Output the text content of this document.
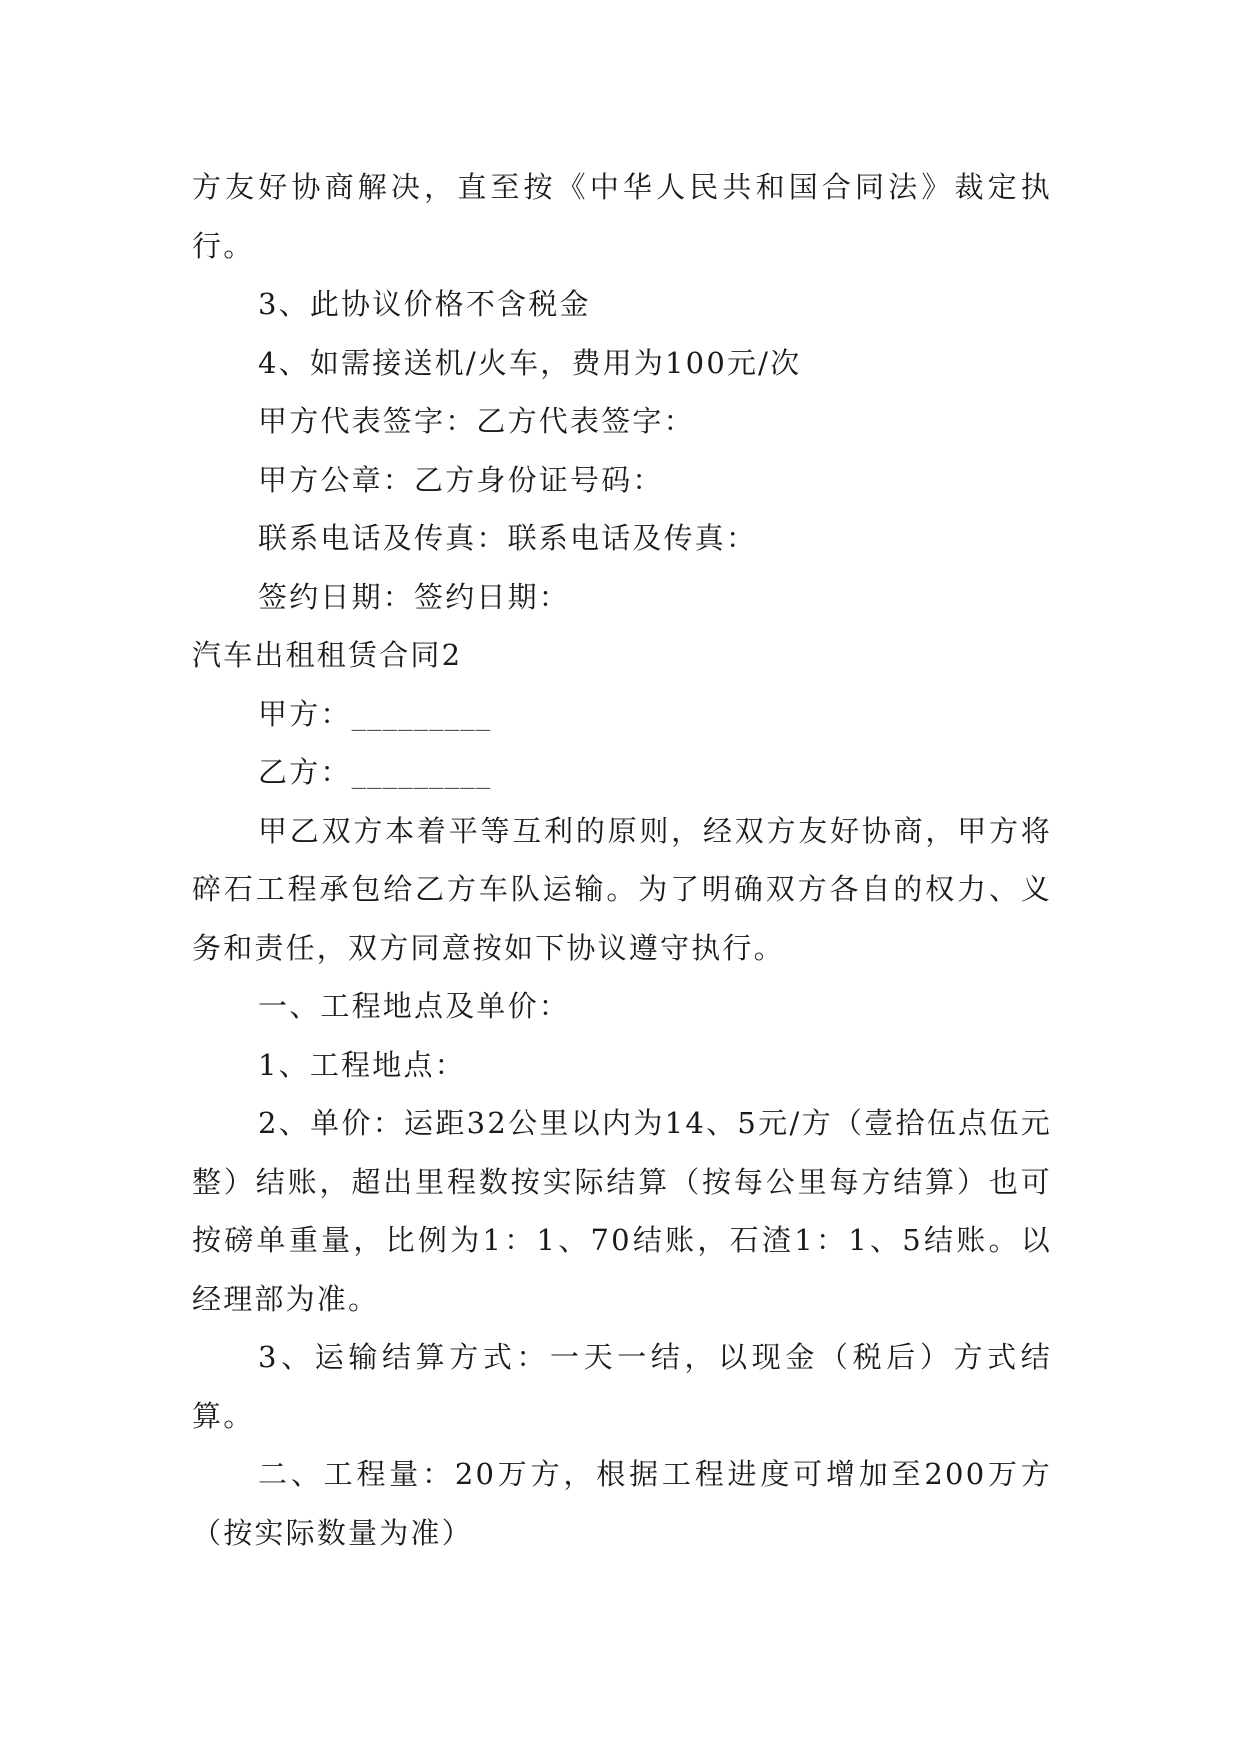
方友好协商解决，直至按《中华人民共和国合同法》裁定执行。

3、此协议价格不含税金

4、如需接送机/火车，费用为100元/次

甲方代表签字：乙方代表签字：

甲方公章：乙方身份证号码：

联系电话及传真：联系电话及传真：

签约日期：签约日期：

汽车出租租赁合同2

甲方：_________

乙方：_________

甲乙双方本着平等互利的原则，经双方友好协商，甲方将碎石工程承包给乙方车队运输。为了明确双方各自的权力、义务和责任，双方同意按如下协议遵守执行。

一、工程地点及单价：

1、工程地点：

2、单价：运距32公里以内为14、5元/方（壹拾伍点伍元整）结账，超出里程数按实际结算（按每公里每方结算）也可按磅单重量，比例为1：1、70结账，石渣1：1、5结账。以经理部为准。

3、运输结算方式：一天一结，以现金（税后）方式结算。

二、工程量：20万方，根据工程进度可增加至200万方（按实际数量为准）
